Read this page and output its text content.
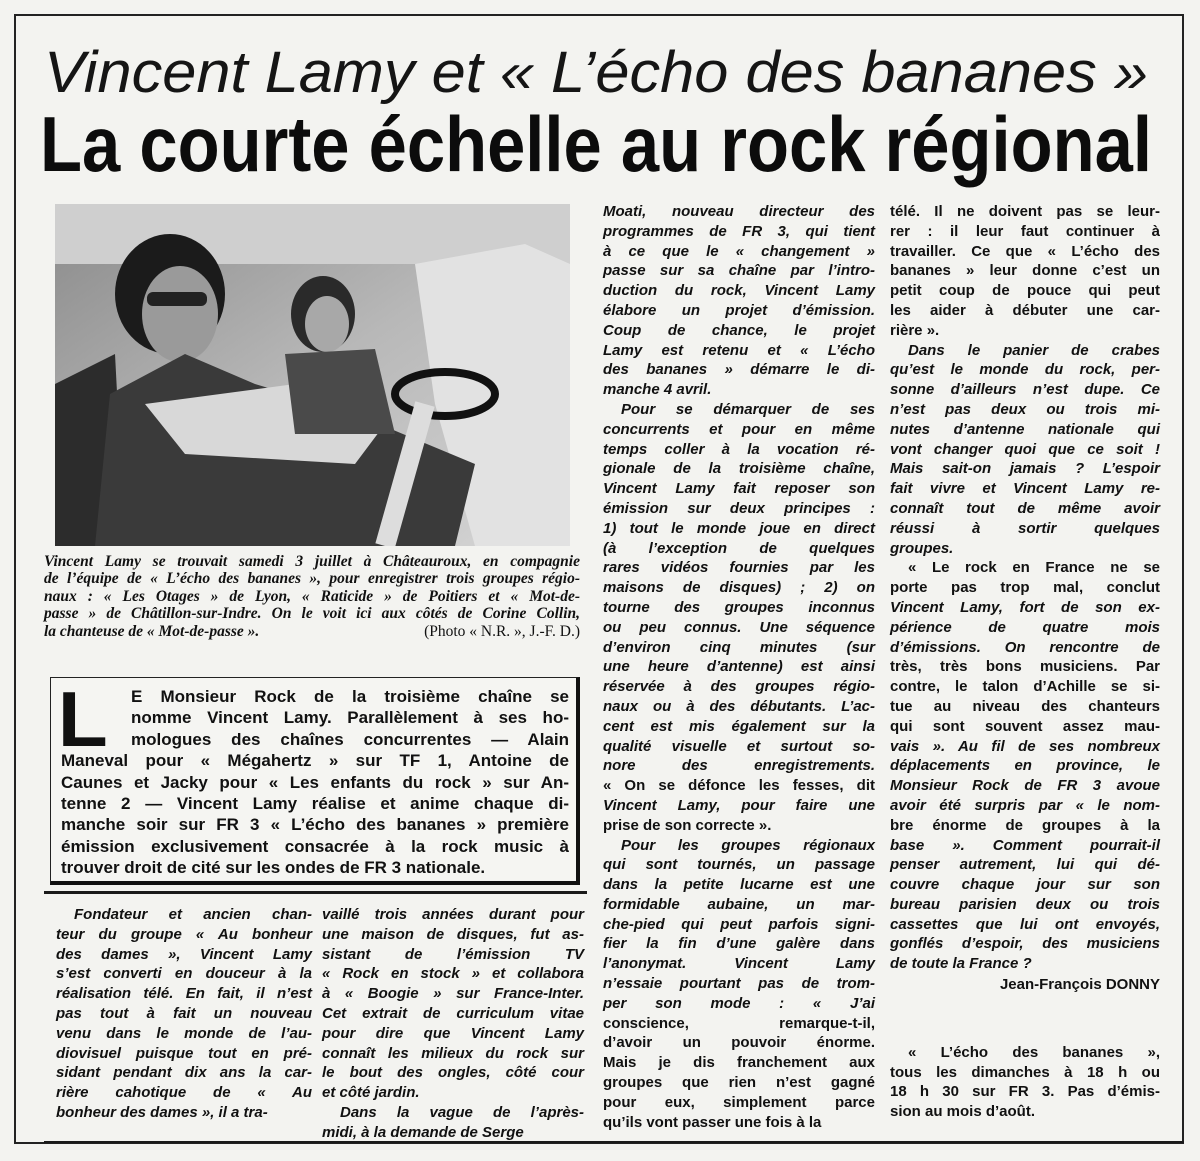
Vincent Lamy et « L’écho des bananes »
La courte échelle au rock régional
Vincent Lamy se trouvait samedi 3 juillet à Châteauroux, en compagnie
de l’équipe de « L’écho des bananes », pour enregistrer trois groupes régio-
naux : « Les Otages » de Lyon, « Raticide » de Poitiers et « Mot-de-
passe » de Châtillon-sur-Indre. On le voit ici aux côtés de Corine Collin,
la chanteuse de « Mot-de-passe ».	(Photo « N.R. », J.-F. D.)
L	E Monsieur Rock de la troisième chaîne se
nomme Vincent Lamy. Parallèlement à ses ho-
mologues des chaînes concurrentes — Alain
Maneval pour « Mégahertz » sur TF 1, Antoine de
Caunes et Jacky pour « Les enfants du rock » sur An-
tenne 2 — Vincent Lamy réalise et anime chaque di-
manche soir sur FR 3 « L’écho des bananes » première
émission exclusivement consacrée à la rock music à
trouver droit de cité sur les ondes de FR 3 nationale.
Fondateur et ancien chan-
teur du groupe « Au bonheur
des dames », Vincent Lamy
s’est converti en douceur à la
réalisation télé. En fait, il n’est
pas tout à fait un nouveau
venu dans le monde de l’au-
diovisuel puisque tout en pré-
sidant pendant dix ans la car-
rière cahotique de « Au
bonheur des dames », il a tra-
vaillé trois années durant pour
une maison de disques, fut as-
sistant de l’émission TV
« Rock en stock » et collabora
à « Boogie » sur France-Inter.
Cet extrait de curriculum vitae
pour dire que Vincent Lamy
connaît les milieux du rock sur
le bout des ongles, côté cour
et côté jardin.
Dans la vague de l’après-
midi, à la demande de Serge
Moati, nouveau directeur des
programmes de FR 3, qui tient
à ce que le « changement »
passe sur sa chaîne par l’intro-
duction du rock, Vincent Lamy
élabore un projet d’émission.
Coup de chance, le projet
Lamy est retenu et « L’écho
des bananes » démarre le di-
manche 4 avril.
Pour se démarquer de ses
concurrents et pour en même
temps coller à la vocation ré-
gionale de la troisième chaîne,
Vincent Lamy fait reposer son
émission sur deux principes :
1) tout le monde joue en direct
(à l’exception de quelques
rares vidéos fournies par les
maisons de disques) ; 2) on
tourne des groupes inconnus
ou peu connus. Une séquence
d’environ cinq minutes (sur
une heure d’antenne) est ainsi
réservée à des groupes régio-
naux ou à des débutants. L’ac-
cent est mis également sur la
qualité visuelle et surtout so-
nore des enregistrements.
« On se défonce les fesses, dit
Vincent Lamy, pour faire une
prise de son correcte ».
Pour les groupes régionaux
qui sont tournés, un passage
dans la petite lucarne est une
formidable aubaine, un mar-
che-pied qui peut parfois signi-
fier la fin d’une galère dans
l’anonymat. Vincent Lamy
n’essaie pourtant pas de trom-
per son mode : « J’ai
conscience, remarque-t-il,
d’avoir un pouvoir énorme.
Mais je dis franchement aux
groupes que rien n’est gagné
pour eux, simplement parce
qu’ils vont passer une fois à la
télé. Il ne doivent pas se leur-
rer : il leur faut continuer à
travailler. Ce que « L’écho des
bananes » leur donne c’est un
petit coup de pouce qui peut
les aider à débuter une car-
rière ».
Dans le panier de crabes
qu’est le monde du rock, per-
sonne d’ailleurs n’est dupe. Ce
n’est pas deux ou trois mi-
nutes d’antenne nationale qui
vont changer quoi que ce soit !
Mais sait-on jamais ? L’espoir
fait vivre et Vincent Lamy re-
connaît tout de même avoir
réussi à sortir quelques
groupes.
« Le rock en France ne se
porte pas trop mal, conclut
Vincent Lamy, fort de son ex-
périence de quatre mois
d’émissions. On rencontre de
très, très bons musiciens. Par
contre, le talon d’Achille se si-
tue au niveau des chanteurs
qui sont souvent assez mau-
vais ». Au fil de ses nombreux
déplacements en province, le
Monsieur Rock de FR 3 avoue
avoir été surpris par « le nom-
bre énorme de groupes à la
base ». Comment pourrait-il
penser autrement, lui qui dé-
couvre chaque jour sur son
bureau parisien deux ou trois
cassettes que lui ont envoyés,
gonflés d’espoir, des musiciens
de toute la France ?
Jean-François DONNY
« L’écho des bananes »,
tous les dimanches à 18 h ou
18 h 30 sur FR 3. Pas d’émis-
sion au mois d’août.
